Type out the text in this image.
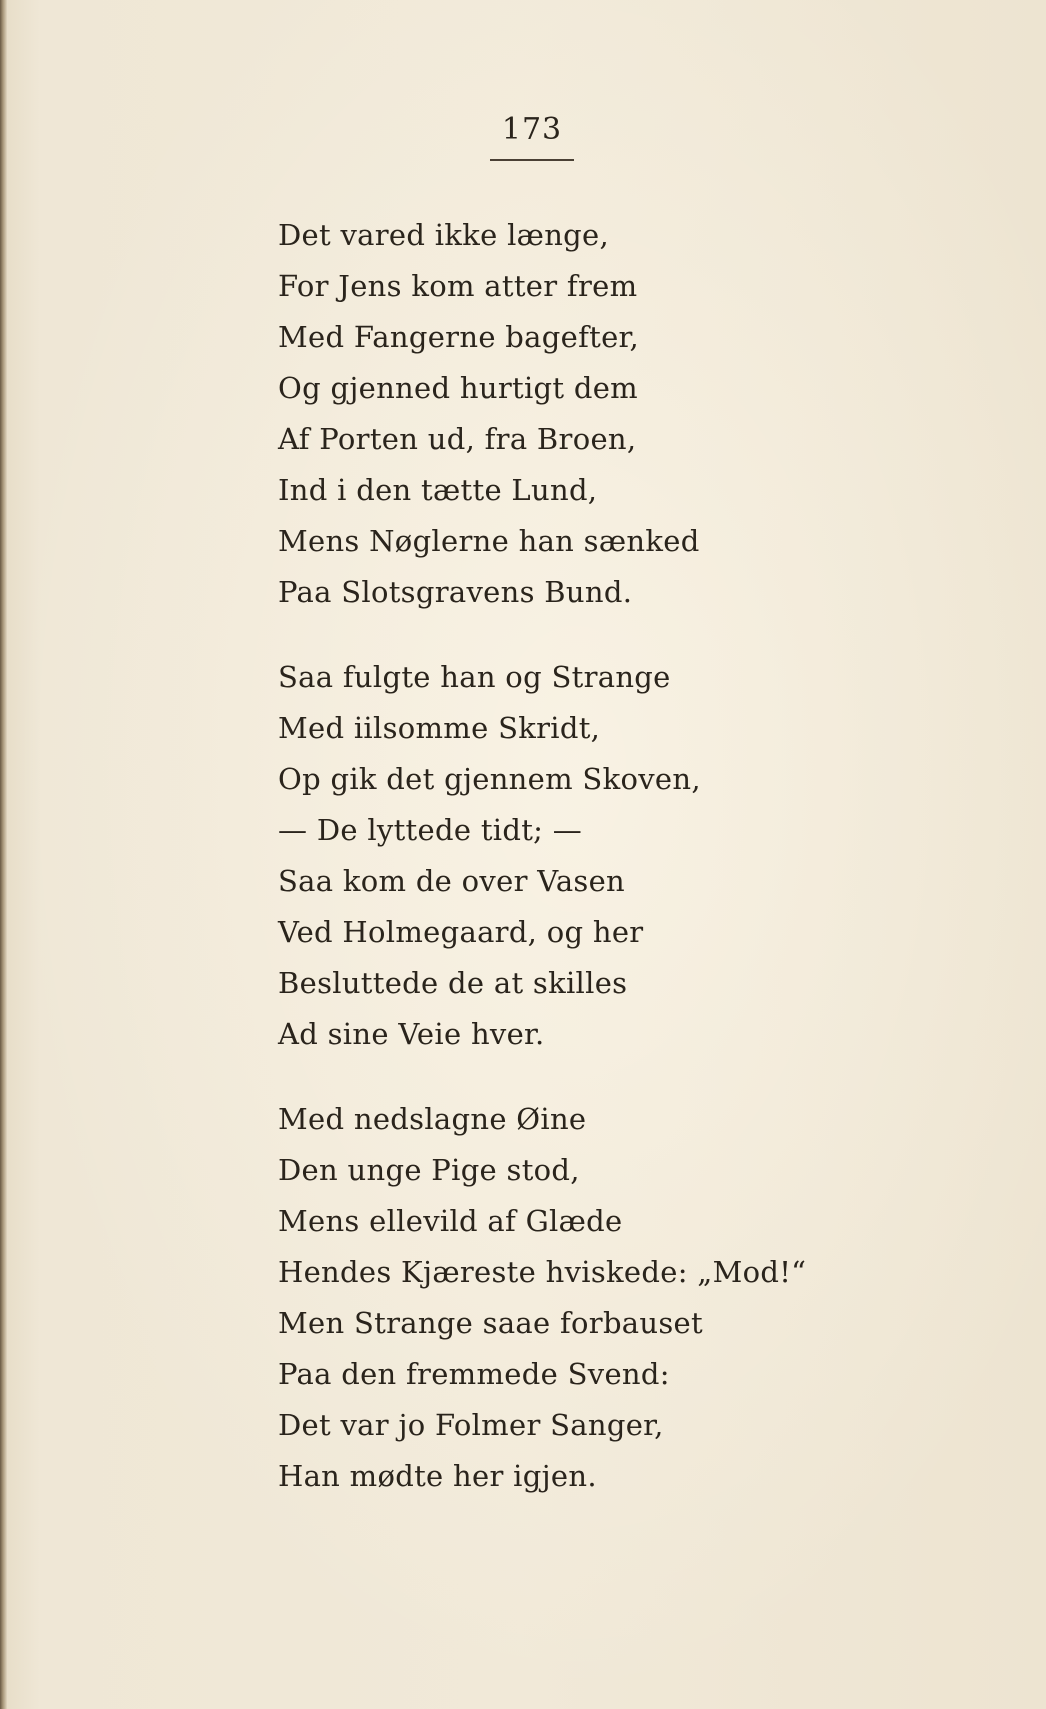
173
Det vared ikke længe,
For Jens kom atter frem
Med Fangerne bagefter,
Og gjenned hurtigt dem
Af Porten ud, fra Broen,
Ind i den tætte Lund,
Mens Nøglerne han sænked
Paa Slotsgravens Bund.
Saa fulgte han og Strange
Med iilsomme Skridt,
Op gik det gjennem Skoven,
— De lyttede tidt; —
Saa kom de over Vasen
Ved Holmegaard, og her
Besluttede de at skilles
Ad sine Veie hver.
Med nedslagne Øine
Den unge Pige stod,
Mens ellevild af Glæde
Hendes Kjæreste hviskede: „Mod!“
Men Strange saae forbauset
Paa den fremmede Svend:
Det var jo Folmer Sanger,
Han mødte her igjen.
